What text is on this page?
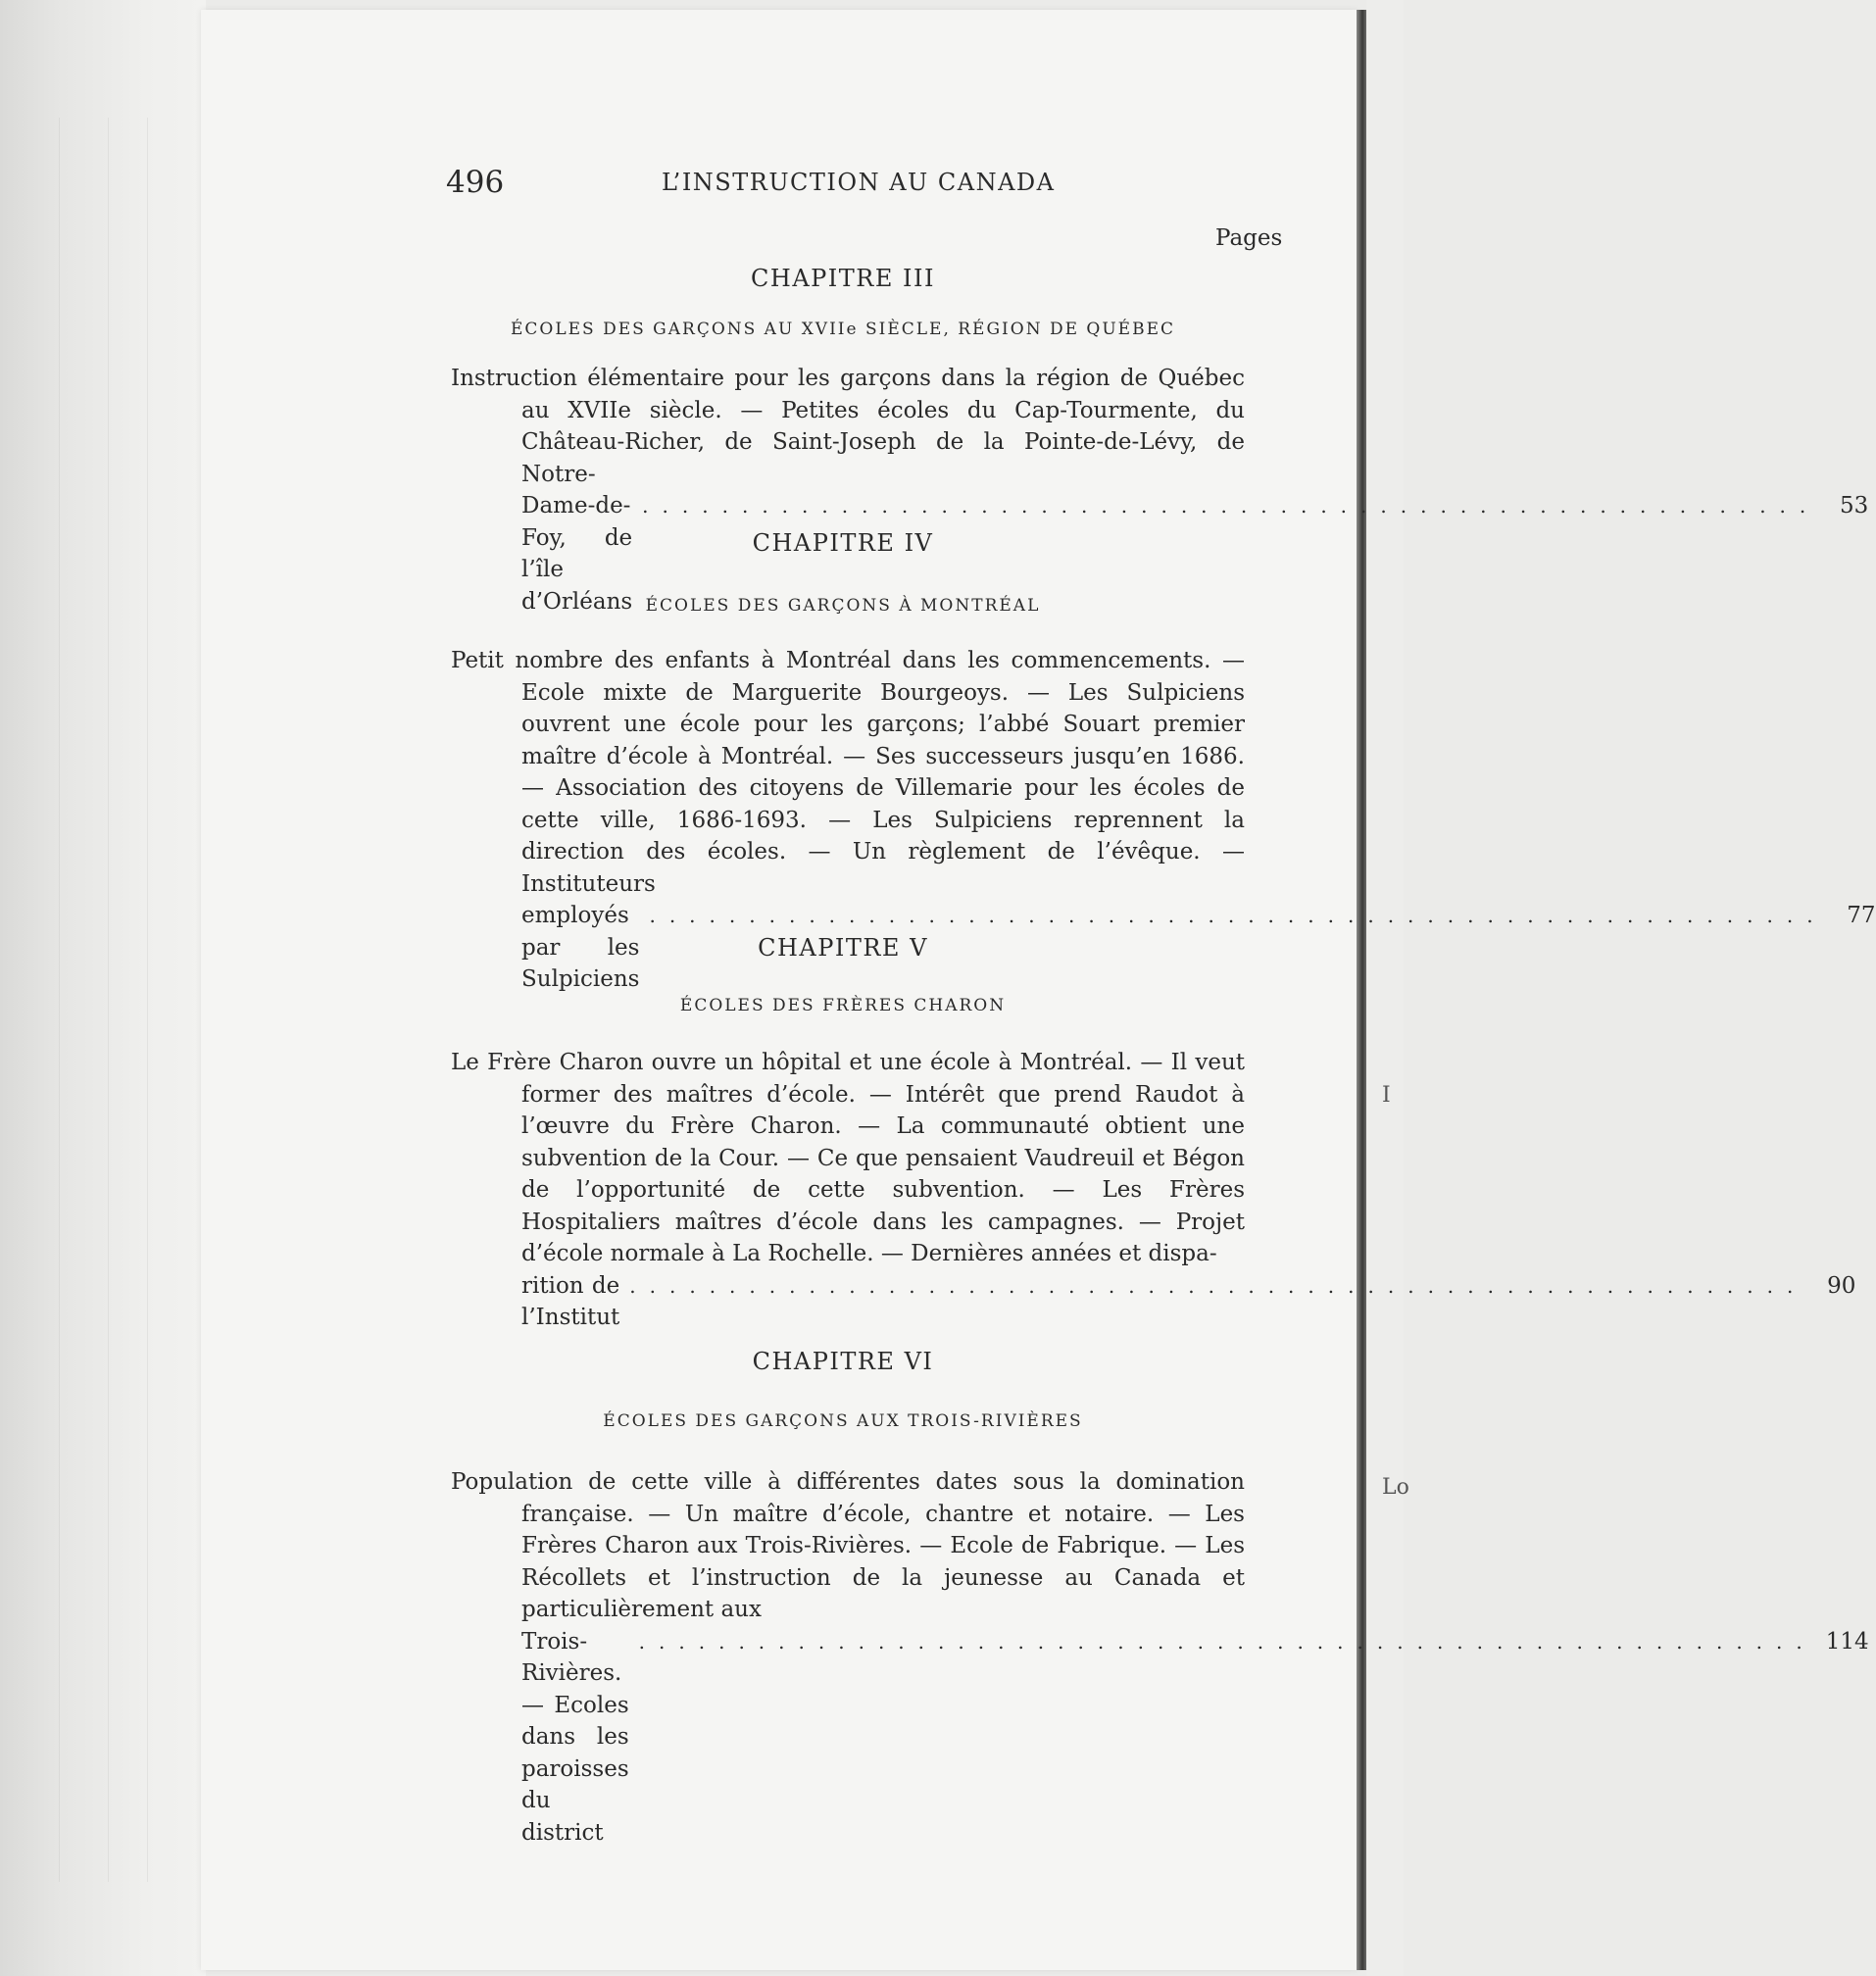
I
Lo
496	L’INSTRUCTION AU CANADA
Pages
CHAPITRE III
ÉCOLES DES GARÇONS AU XVIIe SIÈCLE, RÉGION DE QUÉBEC
Instruction élémentaire pour les garçons dans la région de Québec au XVIIe siècle. — Petites écoles du Cap-Tourmente, du Château-Richer, de Saint-Joseph de la Pointe-de-Lévy, de Notre-
Dame-de-Foy, de l’île d’Orléans
........................................................... 53
CHAPITRE IV
ÉCOLES DES GARÇONS À MONTRÉAL
Petit nombre des enfants à Montréal dans les commencements. — Ecole mixte de Marguerite Bourgeoys. — Les Sulpiciens ouvrent une école pour les garçons; l’abbé Souart premier maître d’école à Montréal. — Ses successeurs jusqu’en 1686. — Association des citoyens de Villemarie pour les écoles de cette ville, 1686-1693. — Les Sulpiciens reprennent la direction des écoles. — Un règlement de l’évêque. — Instituteurs
employés par les Sulpiciens
........................................................... 77
CHAPITRE V
ÉCOLES DES FRÈRES CHARON
Le Frère Charon ouvre un hôpital et une école à Montréal. — Il veut former des maîtres d’école. — Intérêt que prend Raudot à l’œuvre du Frère Charon. — La communauté obtient une subvention de la Cour. — Ce que pensaient Vaudreuil et Bégon de l’opportunité de cette subvention. — Les Frères Hospitaliers maîtres d’école dans les campagnes. — Projet d’école normale à La Rochelle. — Dernières années et dispa-
rition de l’Institut
........................................................... 90
CHAPITRE VI
ÉCOLES DES GARÇONS AUX TROIS-RIVIÈRES
Population de cette ville à différentes dates sous la domination française. — Un maître d’école, chantre et notaire. — Les Frères Charon aux Trois-Rivières. — Ecole de Fabrique. — Les Récollets et l’instruction de la jeunesse au Canada et particulièrement aux
Trois-Rivières. — Ecoles dans les paroisses du district
........................................................... 114
